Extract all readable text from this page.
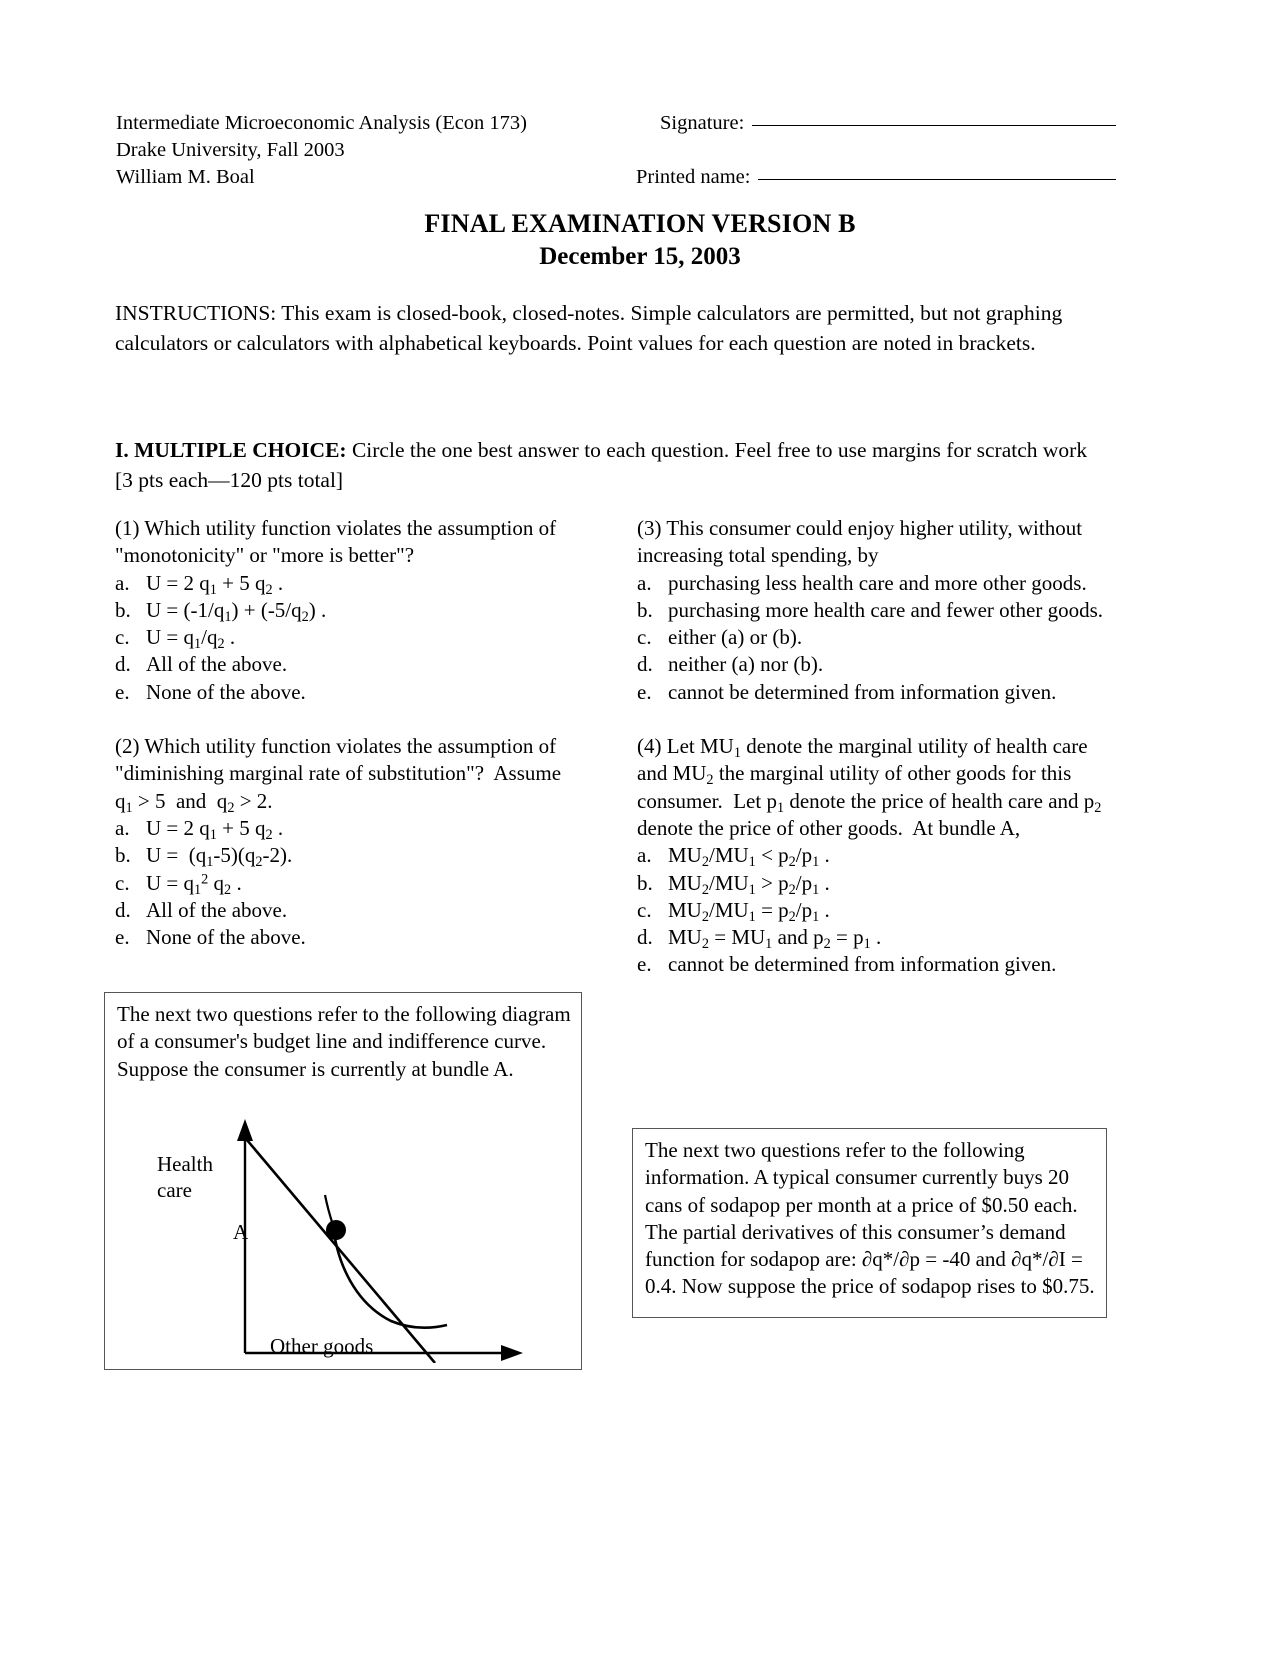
Intermediate Microeconomic Analysis (Econ 173)	Signature:
Drake University, Fall 2003
William M. Boal	Printed name:
FINAL EXAMINATION VERSION B
December 15, 2003
INSTRUCTIONS: This exam is closed-book, closed-notes. Simple calculators are permitted, but not graphing calculators or calculators with alphabetical keyboards. Point values for each question are noted in brackets.
I. MULTIPLE CHOICE: Circle the one best answer to each question. Feel free to use margins for scratch work [3 pts each—120 pts total]
(1) Which utility function violates the assumption of "monotonicity" or "more is better"?
a. U = 2 $q_1 + 5$ $q_2$ .
b. $U = (-1/q_1) + (-5/q_2)$ .
c. $U = q_1/q_2$ .
d. All of the above.
e. None of the above.
(2) Which utility function violates the assumption of "diminishing marginal rate of substitution"?  Assume  $q_1 > 5$  and  $q_2 > 2$.
a. U = 2 $q_1 + 5$ $q_2$ .
b. $U = (q_1-5)(q_2-2)$.
c. $U = q_1^2$ $q_2$ .
d. All of the above.
e. None of the above.
(3) This consumer could enjoy higher utility, without increasing total spending, by
a. purchasing less health care and more other goods.
b. purchasing more health care and fewer other goods.
c. either (a) or (b).
d. neither (a) nor (b).
e. cannot be determined from information given.
(4) Let $MU_1$ denote the marginal utility of health care and $MU_2$ the marginal utility of other goods for this consumer.  Let $p_1$ denote the price of health care and $p_2$ denote the price of other goods.  At bundle A,
a. $MU_2/MU_1 < p_2/p_1$ .
b. $MU_2/MU_1 > p_2/p_1$ .
c. $MU_2/MU_1 = p_2/p_1$ .
d. $MU_2 = MU_1$ and $p_2 = p_1$ .
e. cannot be determined from information given.
The next two questions refer to the following diagram of a consumer's budget line and indifference curve. Suppose the consumer is currently at bundle A.
Health
care
Other goods
A
The next two questions refer to the following information. A typical consumer currently buys 20 cans of sodapop per month at a price of $0.50 each. The partial derivatives of this consumer’s demand function for sodapop are: ∂q*/∂p = -40 and ∂q*/∂I = 0.4. Now suppose the price of sodapop rises to $0.75.
